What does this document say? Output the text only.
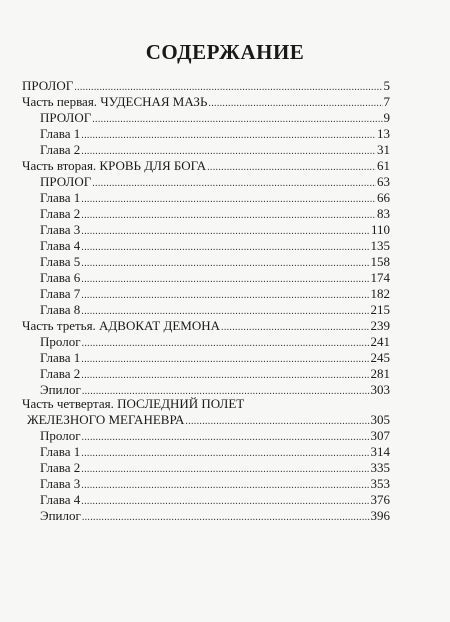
СОДЕРЖАНИЕ
ПРОЛОГ .....	5
Часть первая. ЧУДЕСНАЯ МАЗЬ .....	7
ПРОЛОГ .....	9
Глава 1 .....	13
Глава 2 .....	31
Часть вторая. КРОВЬ ДЛЯ БОГА .....	61
ПРОЛОГ .....	63
Глава 1 .....	66
Глава 2 .....	83
Глава 3 .....	110
Глава 4 .....	135
Глава 5 .....	158
Глава 6 .....	174
Глава 7 .....	182
Глава 8 .....	215
Часть третья. АДВОКАТ ДЕМОНА .....	239
Пролог .....	241
Глава 1 .....	245
Глава 2 .....	281
Эпилог .....	303
Часть четвертая. ПОСЛЕДНИЙ ПОЛЕТ
ЖЕЛЕЗНОГО МЕГАНЕВРА .....	305
Пролог .....	307
Глава 1 .....	314
Глава 2 .....	335
Глава 3 .....	353
Глава 4 .....	376
Эпилог .....	396
